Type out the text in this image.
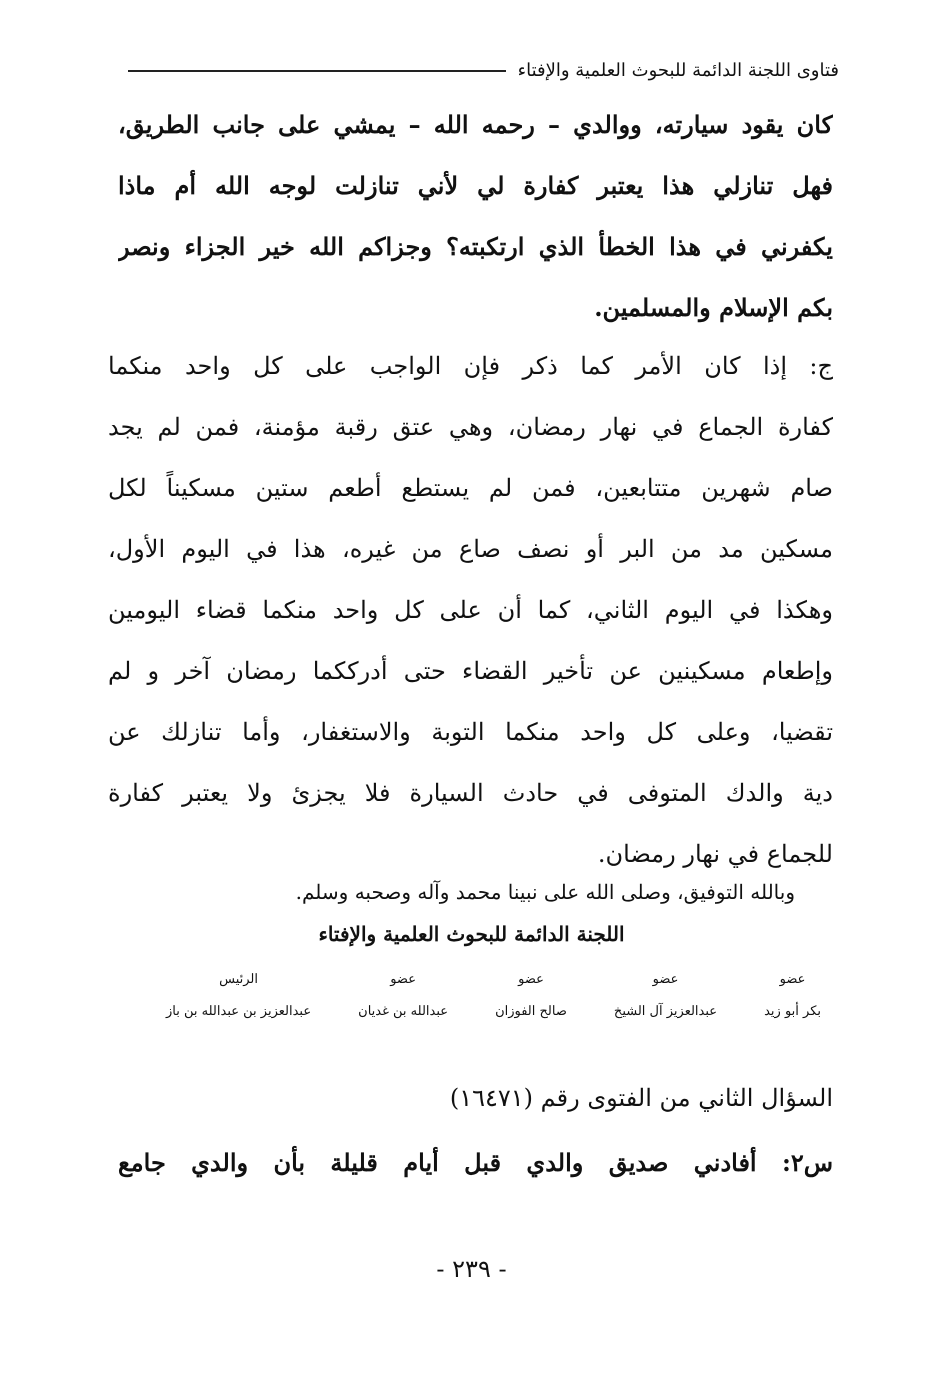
فتاوى اللجنة الدائمة للبحوث العلمية والإفتاء
كان يقود سيارته، ووالدي – رحمه الله – يمشي على جانب الطريق،
فهل تنازلي هذا يعتبر كفارة لي لأني تنازلت لوجه الله أم ماذا
يكفرني في هذا الخطأ الذي ارتكبته؟ وجزاكم الله خير الجزاء ونصر
بكم الإسلام والمسلمين.
ج: إذا كان الأمر كما ذكر فإن الواجب على كل واحد منكما
كفارة الجماع في نهار رمضان، وهي عتق رقبة مؤمنة، فمن لم يجد
صام شهرين متتابعين، فمن لم يستطع أطعم ستين مسكيناً لكل
مسكين مد من البر أو نصف صاع من غيره، هذا في اليوم الأول،
وهكذا في اليوم الثاني، كما أن على كل واحد منكما قضاء اليومين
وإطعام مسكينين عن تأخير القضاء حتى أدرككما رمضان آخر و لم
تقضيا، وعلى كل واحد منكما التوبة والاستغفار، وأما تنازلك عن
دية والدك المتوفى في حادث السيارة فلا يجزئ ولا يعتبر كفارة
للجماع في نهار رمضان.
وبالله التوفيق، وصلى الله على نبينا محمد وآله وصحبه وسلم.
اللجنة الدائمة للبحوث العلمية والإفتاء
عضو
بكر أبو زيد
عضو
عبدالعزيز آل الشيخ
عضو
صالح الفوزان
عضو
عبدالله بن غديان
الرئيس
عبدالعزيز بن عبدالله بن باز
السؤال الثاني من الفتوى رقم (١٦٤٧١)
س٢: أفادني صديق والدي قبل أيام قليلة بأن والدي جامع
- ٢٣٩ -
